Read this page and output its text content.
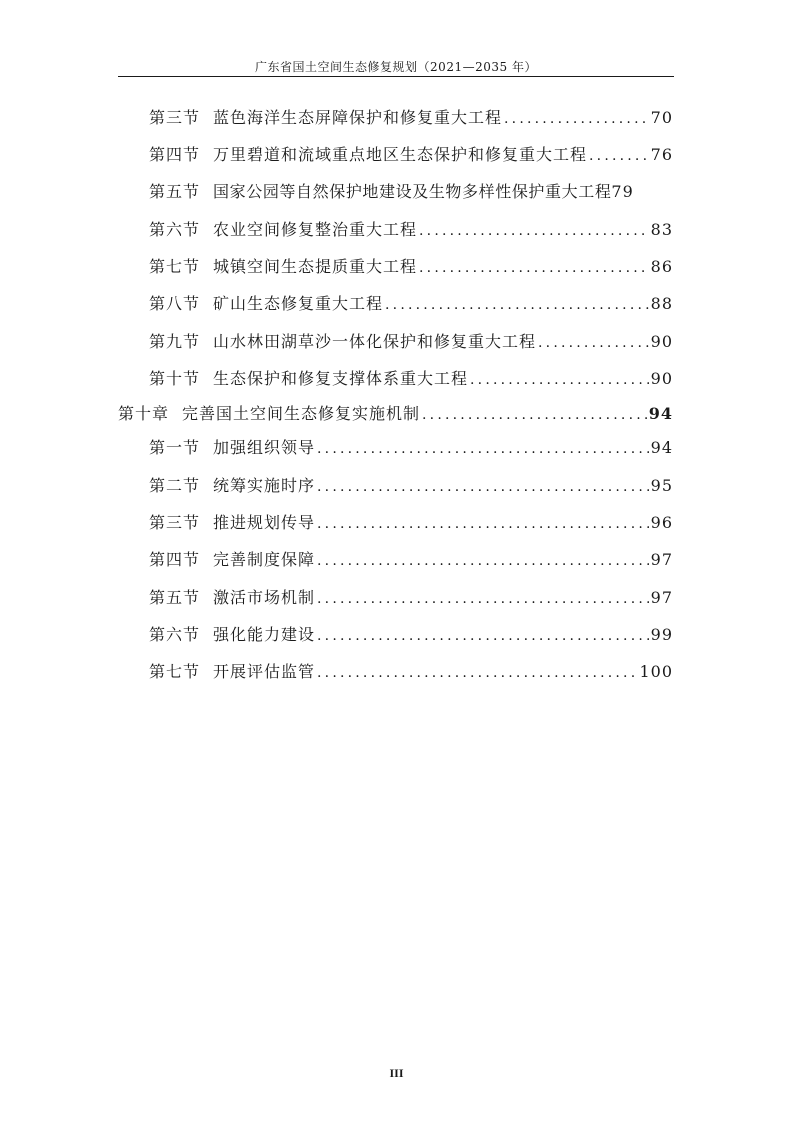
广东省国土空间生态修复规划（2021—2035 年）
第三节 蓝色海洋生态屏障保护和修复重大工程 .....	70
第四节 万里碧道和流域重点地区生态保护和修复重大工程 .....	76
第五节 国家公园等自然保护地建设及生物多样性保护重大工程 79
第六节 农业空间修复整治重大工程 .....	83
第七节 城镇空间生态提质重大工程 .....	86
第八节 矿山生态修复重大工程 .....	88
第九节 山水林田湖草沙一体化保护和修复重大工程 .....	90
第十节 生态保护和修复支撑体系重大工程 .....	90
第十章 完善国土空间生态修复实施机制 .....	94
第一节 加强组织领导 .....	94
第二节 统筹实施时序 .....	95
第三节 推进规划传导 .....	96
第四节 完善制度保障 .....	97
第五节 激活市场机制 .....	97
第六节 强化能力建设 .....	99
第七节 开展评估监管 .....	100
III
